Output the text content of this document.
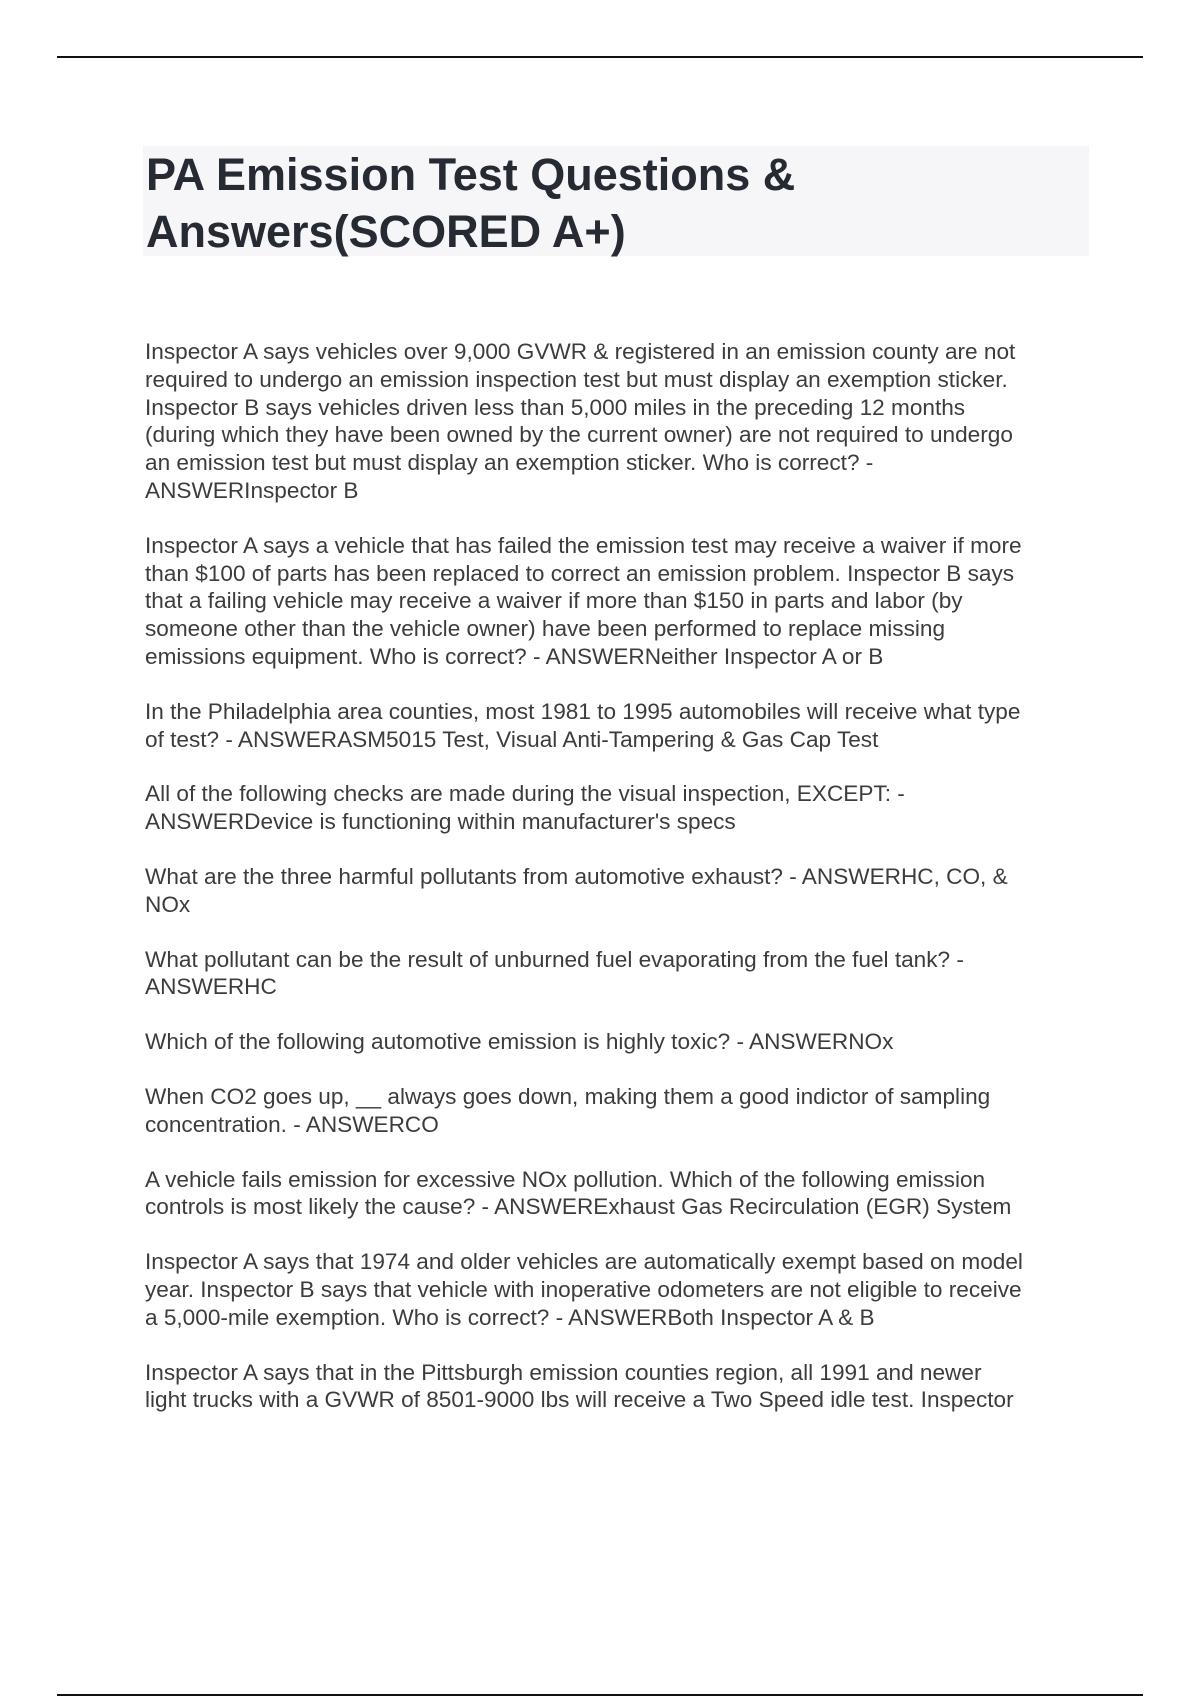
PA Emission Test Questions &
Answers(SCORED A+)

Inspector A says vehicles over 9,000 GVWR & registered in an emission county are not
required to undergo an emission inspection test but must display an exemption sticker.
Inspector B says vehicles driven less than 5,000 miles in the preceding 12 months
(during which they have been owned by the current owner) are not required to undergo
an emission test but must display an exemption sticker. Who is correct? -
ANSWERInspector B

Inspector A says a vehicle that has failed the emission test may receive a waiver if more
than $100 of parts has been replaced to correct an emission problem. Inspector B says
that a failing vehicle may receive a waiver if more than $150 in parts and labor (by
someone other than the vehicle owner) have been performed to replace missing
emissions equipment. Who is correct? - ANSWERNeither Inspector A or B

In the Philadelphia area counties, most 1981 to 1995 automobiles will receive what type
of test? - ANSWERASM5015 Test, Visual Anti-Tampering & Gas Cap Test

All of the following checks are made during the visual inspection, EXCEPT: -
ANSWERDevice is functioning within manufacturer's specs

What are the three harmful pollutants from automotive exhaust? - ANSWERHC, CO, &
NOx

What pollutant can be the result of unburned fuel evaporating from the fuel tank? -
ANSWERHC

Which of the following automotive emission is highly toxic? - ANSWERNOx

When CO2 goes up, __ always goes down, making them a good indictor of sampling
concentration. - ANSWERCO

A vehicle fails emission for excessive NOx pollution. Which of the following emission
controls is most likely the cause? - ANSWERExhaust Gas Recirculation (EGR) System

Inspector A says that 1974 and older vehicles are automatically exempt based on model
year. Inspector B says that vehicle with inoperative odometers are not eligible to receive
a 5,000-mile exemption. Who is correct? - ANSWERBoth Inspector A & B

Inspector A says that in the Pittsburgh emission counties region, all 1991 and newer
light trucks with a GVWR of 8501-9000 lbs will receive a Two Speed idle test. Inspector
